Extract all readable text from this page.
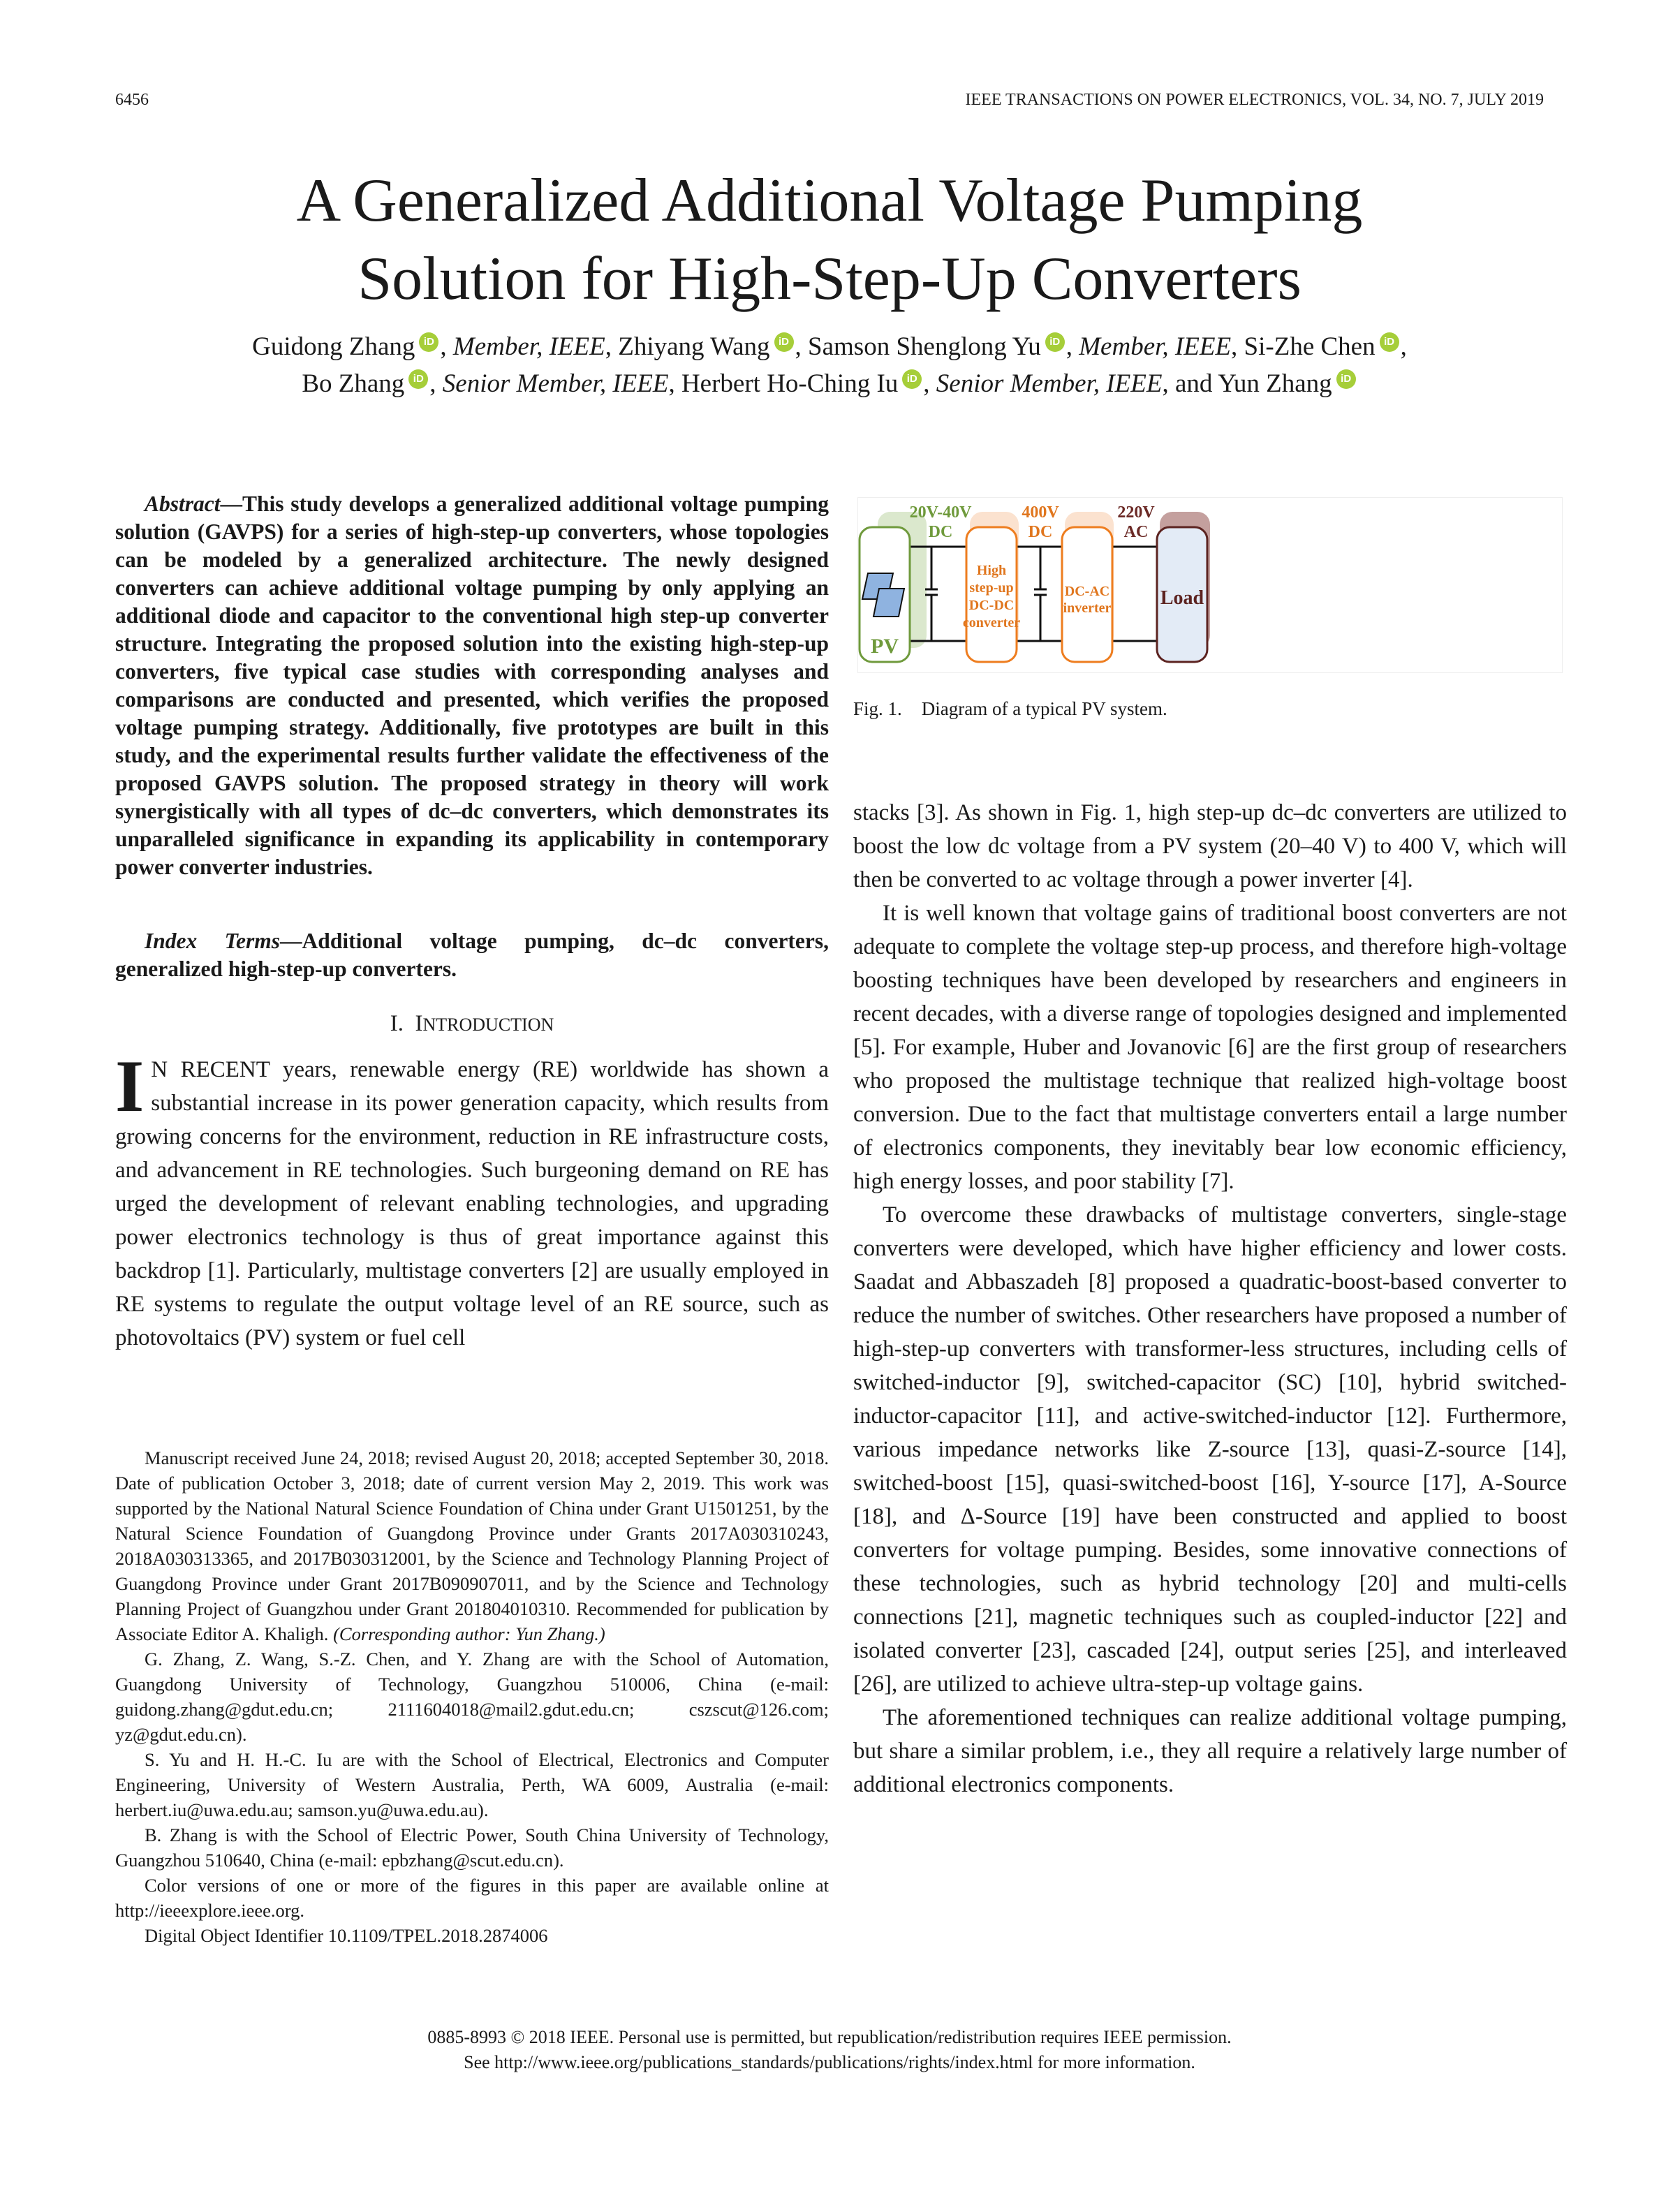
6456	IEEE TRANSACTIONS ON POWER ELECTRONICS, VOL. 34, NO. 7, JULY 2019
A Generalized Additional Voltage Pumping
Solution for High-Step-Up Converters
Guidong Zhang iD , Member, IEEE, Zhiyang Wang iD , Samson Shenglong Yu iD , Member, IEEE, Si-Zhe Chen iD ,
Bo Zhang iD , Senior Member, IEEE, Herbert Ho-Ching Iu iD , Senior Member, IEEE, and Yun Zhang iD

Abstract—This study develops a generalized additional voltage pumping solution (GAVPS) for a series of high-step-up converters, whose topologies can be modeled by a generalized architecture. The newly designed converters can achieve additional voltage pumping by only applying an additional diode and capacitor to the conventional high step-up converter structure. Integrating the proposed solution into the existing high-step-up converters, five typical case studies with corresponding analyses and comparisons are conducted and presented, which verifies the proposed voltage pumping strategy. Additionally, five prototypes are built in this study, and the experimental results further validate the effectiveness of the proposed GAVPS solution. The proposed strategy in theory will work synergistically with all types of dc–dc converters, which demonstrates its unparalleled significance in expanding its applicability in contemporary power converter industries.

Index Terms—Additional voltage pumping, dc–dc converters, generalized high-step-up converters.

I. INTRODUCTION

I N RECENT years, renewable energy (RE) worldwide has shown a substantial increase in its power generation capacity, which results from growing concerns for the environment, reduction in RE infrastructure costs, and advancement in RE technologies. Such burgeoning demand on RE has urged the development of relevant enabling technologies, and upgrading power electronics technology is thus of great importance against this backdrop [1]. Particularly, multistage converters [2] are usually employed in RE systems to regulate the output voltage level of an RE source, such as photovoltaics (PV) system or fuel cell

Manuscript received June 24, 2018; revised August 20, 2018; accepted September 30, 2018. Date of publication October 3, 2018; date of current version May 2, 2019. This work was supported by the National Natural Science Foundation of China under Grant U1501251, by the Natural Science Foundation of Guangdong Province under Grants 2017A030310243, 2018A030313365, and 2017B030312001, by the Science and Technology Planning Project of Guangdong Province under Grant 2017B090907011, and by the Science and Technology Planning Project of Guangzhou under Grant 201804010310. Recommended for publication by Associate Editor A. Khaligh. (Corresponding author: Yun Zhang.)

G. Zhang, Z. Wang, S.-Z. Chen, and Y. Zhang are with the School of Automation, Guangdong University of Technology, Guangzhou 510006, China (e-mail: guidong.zhang@gdut.edu.cn; 2111604018@mail2.gdut.edu.cn; cszscut@126.com; yz@gdut.edu.cn).

S. Yu and H. H.-C. Iu are with the School of Electrical, Electronics and Computer Engineering, University of Western Australia, Perth, WA 6009, Australia (e-mail: herbert.iu@uwa.edu.au; samson.yu@uwa.edu.au).

B. Zhang is with the School of Electric Power, South China University of Technology, Guangzhou 510640, China (e-mail: epbzhang@scut.edu.cn).

Color versions of one or more of the figures in this paper are available online at http://ieeexplore.ieee.org.

Digital Object Identifier 10.1109/TPEL.2018.2874006

PV
High
step-up
DC-DC
converter
DC-AC
inverter	Load
20V-40V
DC
400V
DC
220V
AC
Fig. 1. Diagram of a typical PV system.

stacks [3]. As shown in Fig. 1, high step-up dc–dc converters are utilized to boost the low dc voltage from a PV system (20–40 V) to 400 V, which will then be converted to ac voltage through a power inverter [4].

It is well known that voltage gains of traditional boost converters are not adequate to complete the voltage step-up process, and therefore high-voltage boosting techniques have been developed by researchers and engineers in recent decades, with a diverse range of topologies designed and implemented [5]. For example, Huber and Jovanovic [6] are the first group of researchers who proposed the multistage technique that realized high-voltage boost conversion. Due to the fact that multistage converters entail a large number of electronics components, they inevitably bear low economic efficiency, high energy losses, and poor stability [7].

To overcome these drawbacks of multistage converters, single-stage converters were developed, which have higher efficiency and lower costs. Saadat and Abbaszadeh [8] proposed a quadratic-boost-based converter to reduce the number of switches. Other researchers have proposed a number of high-step-up converters with transformer-less structures, including cells of switched-inductor [9], switched-capacitor (SC) [10], hybrid switched-inductor-capacitor [11], and active-switched-inductor [12]. Furthermore, various impedance networks like Z-source [13], quasi-Z-source [14], switched-boost [15], quasi-switched-boost [16], Y-source [17], A-Source [18], and Δ-Source [19] have been constructed and applied to boost converters for voltage pumping. Besides, some innovative connections of these technologies, such as hybrid technology [20] and multi-cells connections [21], magnetic techniques such as coupled-inductor [22] and isolated converter [23], cascaded [24], output series [25], and interleaved [26], are utilized to achieve ultra-step-up voltage gains.

The aforementioned techniques can realize additional voltage pumping, but share a similar problem, i.e., they all require a relatively large number of additional electronics components.

0885-8993 © 2018 IEEE. Personal use is permitted, but republication/redistribution requires IEEE permission.
See http://www.ieee.org/publications_standards/publications/rights/index.html for more information.
